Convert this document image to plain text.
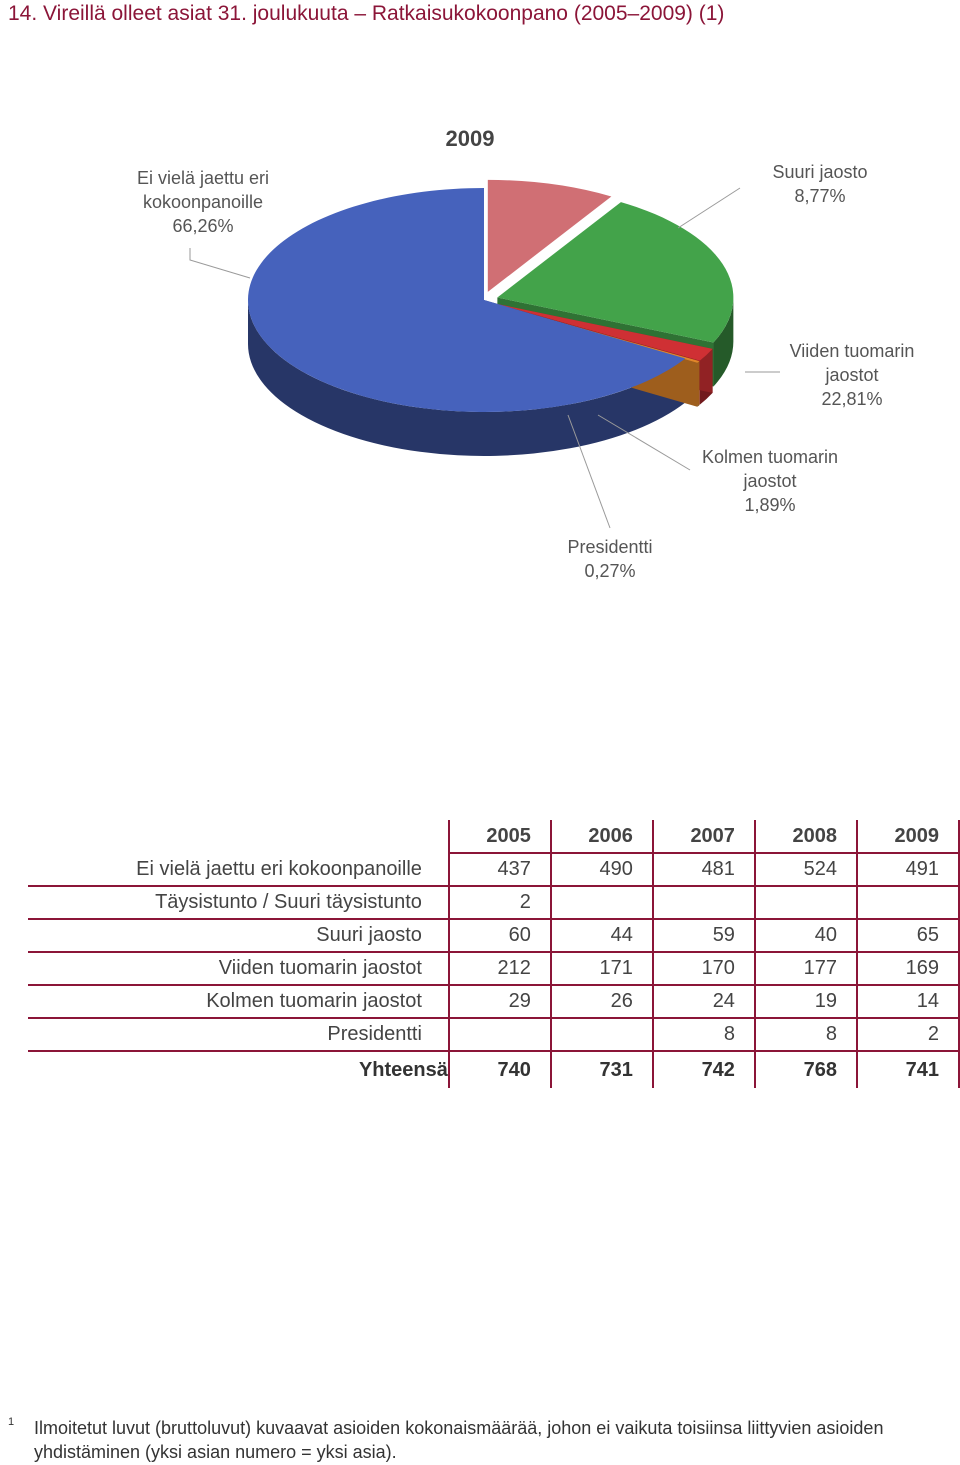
14. Vireillä olleet asiat 31. joulukuuta – Ratkaisukokoonpano (2005–2009) (1)
2009
Ei vielä jaettu eri
kokoonpanoille
66,26%
Suuri jaosto
8,77%
Viiden tuomarin
jaostot
22,81%
Kolmen tuomarin
jaostot
1,89%
Presidentti
0,27%
	2005	2006	2007	2008	2009
Ei vielä jaettu eri kokoonpanoille	437	490	481	524	491
Täysistunto / Suuri täysistunto	2				
Suuri jaosto	60	44	59	40	65
Viiden tuomarin jaostot	212	171	170	177	169
Kolmen tuomarin jaostot	29	26	24	19	14
Presidentti			8	8	2
Yhteensä	740	731	742	768	741
1 Ilmoitetut luvut (bruttoluvut) kuvaavat asioiden kokonaismäärää, johon ei vaikuta toisiinsa liittyvien asioiden yhdistäminen (yksi asian numero = yksi asia).
